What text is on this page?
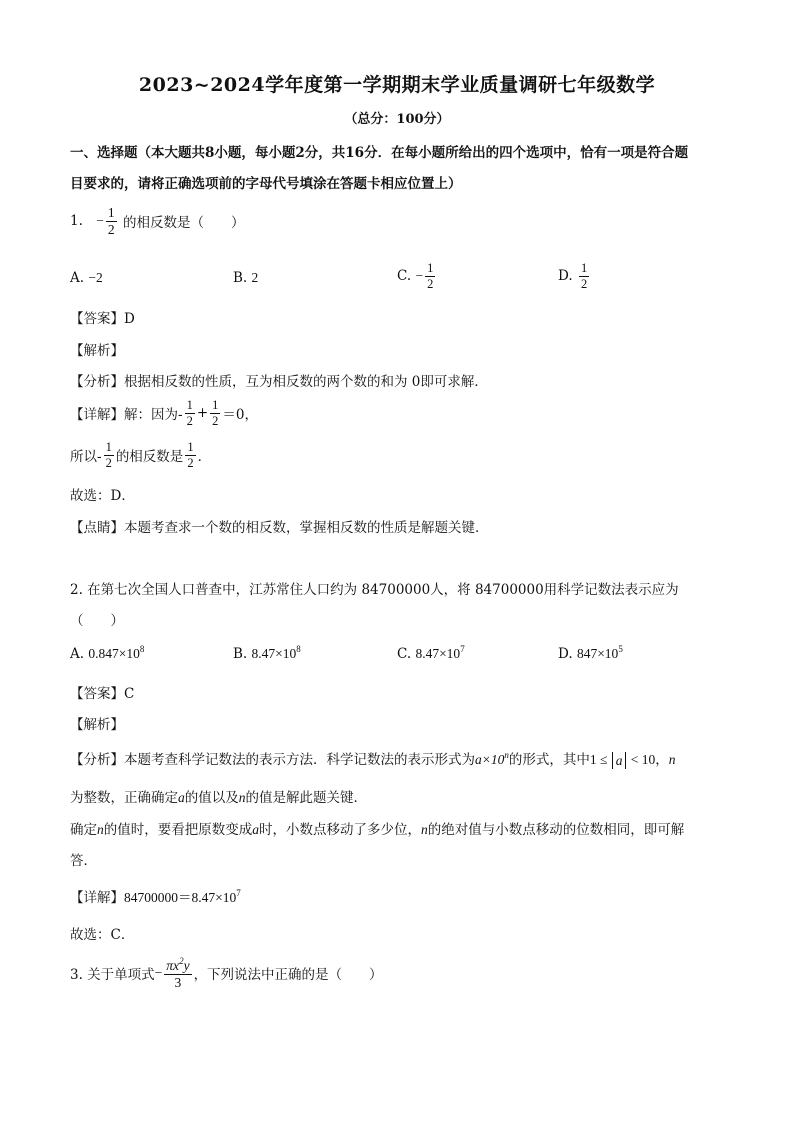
2023~2024学年度第一学期期末学业质量调研七年级数学
（总分：100分）
一、选择题（本大题共8小题，每小题2分，共16分．在每小题所给出的四个选项中，恰有一项是符合题
目要求的，请将正确选项前的字母代号填涂在答题卡相应位置上）
1. − $\frac{1}{2}$ 的相反数是（　　）
A. −2	B. 2	C. − $\frac{1}{2}$	D. $\frac{1}{2}$
【答案】D
【解析】
【分析】根据相反数的性质，互为相反数的两个数的和为 0即可求解．
【详解】解：因为- $\frac{1}{2} + \frac{1}{2} =0$，
所以- $\frac{1}{2}$ 的相反数是 $\frac{1}{2}$ ．
故选：D．
【点睛】本题考查求一个数的相反数，掌握相反数的性质是解题关键．
2. 在第七次全国人口普查中，江苏常住人口约为 84700000人，将 84700000用科学记数法表示应为
（　　）
A. $0.847\times 10^8$	B. $8.47\times 10^8$	C. $8.47\times 10^7$	D. $847\times 10^5$
【答案】C
【解析】
【分析】本题考查科学记数法的表示方法．科学记数法的表示形式为$a\times 10^n$的形式，其中1 ≤ a < 10，n
为整数，正确确定a的值以及n的值是解此题关键．
确定n的值时，要看把原数变成a时，小数点移动了多少位，n的绝对值与小数点移动的位数相同，即可解
答．
【详解】$84700000=8.47\times 10^7$
故选：C．
3. 关于单项式− $\frac{\pi x^2y}{3}$ ，下列说法中正确的是（　　）
